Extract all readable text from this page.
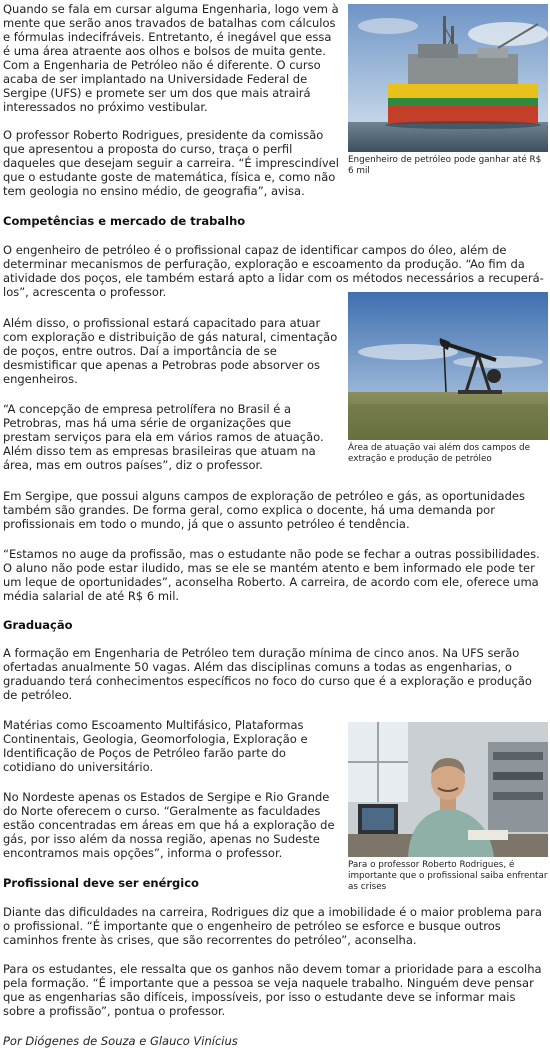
Engenheiro de petróleo pode ganhar até R$ 6 mil
Área de atuação vai além dos campos de extração e produção de petróleo
Para o professor Roberto Rodrigues, é importante que o profissional saiba enfrentar as crises

Quando se fala em cursar alguma Engenharia, logo vem à mente que serão anos travados de batalhas com cálculos e fórmulas indecifráveis. Entretanto, é inegável que essa é uma área atraente aos olhos e bolsos de muita gente. Com a Engenharia de Petróleo não é diferente. O curso acaba de ser implantado na Universidade Federal de Sergipe (UFS) e promete ser um dos que mais atrairá interessados no próximo vestibular.

O professor Roberto Rodrigues, presidente da comissão que apresentou a proposta do curso, traça o perfil daqueles que desejam seguir a carreira. “É imprescindível que o estudante goste de matemática, física e, como não tem geologia no ensino médio, de geografia”, avisa.

Competências e mercado de trabalho

O engenheiro de petróleo é o profissional capaz de identificar campos do óleo, além de determinar mecanismos de perfuração, exploração e escoamento da produção. “Ao fim da atividade dos poços, ele também estará apto a lidar com os métodos necessários a recuperá-los”, acrescenta o professor.

Além disso, o profissional estará capacitado para atuar com exploração e distribuição de gás natural, cimentação de poços, entre outros. Daí a importância de se desmistificar que apenas a Petrobras pode absorver os engenheiros.

“A concepção de empresa petrolífera no Brasil é a Petrobras, mas há uma série de organizações que prestam serviços para ela em vários ramos de atuação. Além disso tem as empresas brasileiras que atuam na área, mas em outros países”, diz o professor.

Em Sergipe, que possui alguns campos de exploração de petróleo e gás, as oportunidades também são grandes. De forma geral, como explica o docente, há uma demanda por profissionais em todo o mundo, já que o assunto petróleo é tendência.

“Estamos no auge da profissão, mas o estudante não pode se fechar a outras possibilidades. O aluno não pode estar iludido, mas se ele se mantém atento e bem informado ele pode ter um leque de oportunidades”, aconselha Roberto. A carreira, de acordo com ele, oferece uma média salarial de até R$ 6 mil.

Graduação

A formação em Engenharia de Petróleo tem duração mínima de cinco anos. Na UFS serão ofertadas anualmente 50 vagas. Além das disciplinas comuns a todas as engenharias, o graduando terá conhecimentos específicos no foco do curso que é a exploração e produção de petróleo.

Matérias como Escoamento Multifásico, Plataformas Continentais, Geologia, Geomorfologia, Exploração e Identificação de Poços de Petróleo farão parte do cotidiano do universitário.

No Nordeste apenas os Estados de Sergipe e Rio Grande do Norte oferecem o curso. “Geralmente as faculdades estão concentradas em áreas em que há a exploração de gás, por isso além da nossa região, apenas no Sudeste encontramos mais opções”, informa o professor.

Profissional deve ser enérgico

Diante das dificuldades na carreira, Rodrigues diz que a imobilidade é o maior problema para o profissional. “É importante que o engenheiro de petróleo se esforce e busque outros caminhos frente às crises, que são recorrentes do petróleo”, aconselha.

Para os estudantes, ele ressalta que os ganhos não devem tomar a prioridade para a escolha pela formação. “É importante que a pessoa se veja naquele trabalho. Ninguém deve pensar que as engenharias são difíceis, impossíveis, por isso o estudante deve se informar mais sobre a profissão”, pontua o professor.

Por Diógenes de Souza e Glauco Vinícius
